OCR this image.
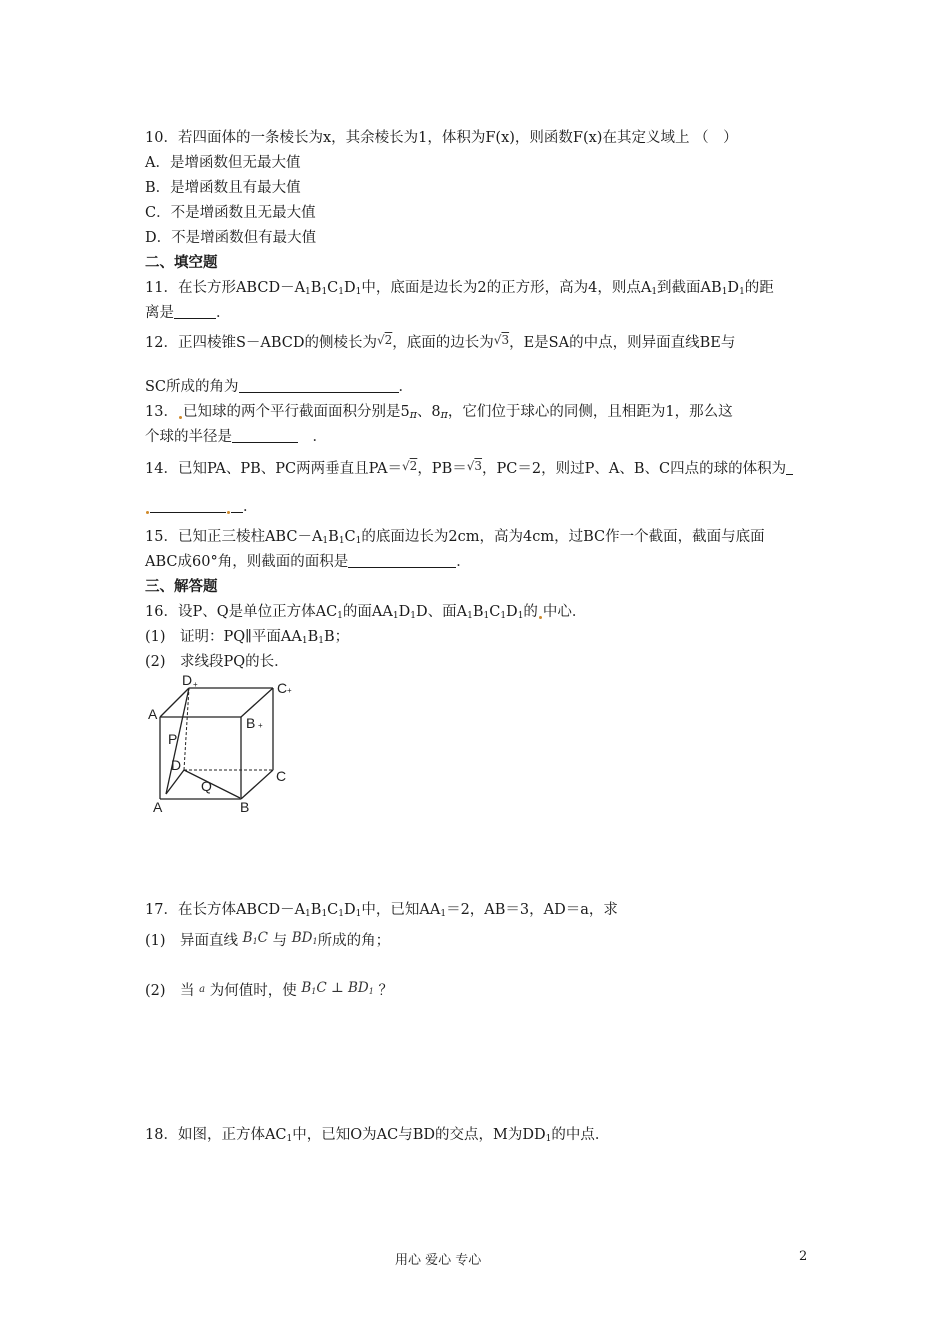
10．若四面体的一条棱长为x，其余棱长为1，体积为F(x)，则函数F(x)在其定义域上 （　）
A．是增函数但无最大值
B．是增函数且有最大值
C．不是增函数且无最大值
D．不是增函数但有最大值
二、填空题
11．在长方形$ABCD-A_1B_1C_1D_1$中，底面是边长为2的正方形，高为4，则点$A_1$到截面$AB_1D_1$的距
离是	．
12．正四棱锥S－ABCD的侧棱长为$^{√2}$，底面的边长为$^{√3}$，E是SA的中点，则异面直线BE与
SC所成的角为	．
13． 已知球的两个平行截面面积分别是5π、8π，它们位于球心的同侧，且相距为1，那么这
个球的半径是　	．
14．已知PA、PB、PC两两垂直且PA＝$^{√2}$，PB＝$^{√3}$，PC＝2，则过P、A、B、C四点的球的体积为
．
15．已知正三棱柱$ABC-A_1B_1C_1$的底面边长为2cm，高为4cm，过BC作一个截面，截面与底面
ABC成60°角，则截面的面积是	．
三、解答题
16．设P、Q是单位正方体$AC_1$的面$AA_1D_1D$、面$A_1B_1C_1D_1$的 中心．
(1)　证明：PQ∥平面$AA_1B_1B$；
(2)　求线段PQ的长．
D	C
A
B
P
D
C
Q
A	B
+
+
+
17．在长方体$ABCD-A_1B_1C_1D_1$中，已知$AA_1=2$，AB＝3，AD＝a，求
(1)　异面直线 $B_1C$ 与 $BD_1$所成的角；
(2)　当 $^a$ 为何值时，使 $B_1C$ ⊥ $BD_1$ ？
18．如图，正方体$AC_1$中，已知O为AC与BD的交点，M为$DD_1$的中点．
用心 爱心 专心	2
